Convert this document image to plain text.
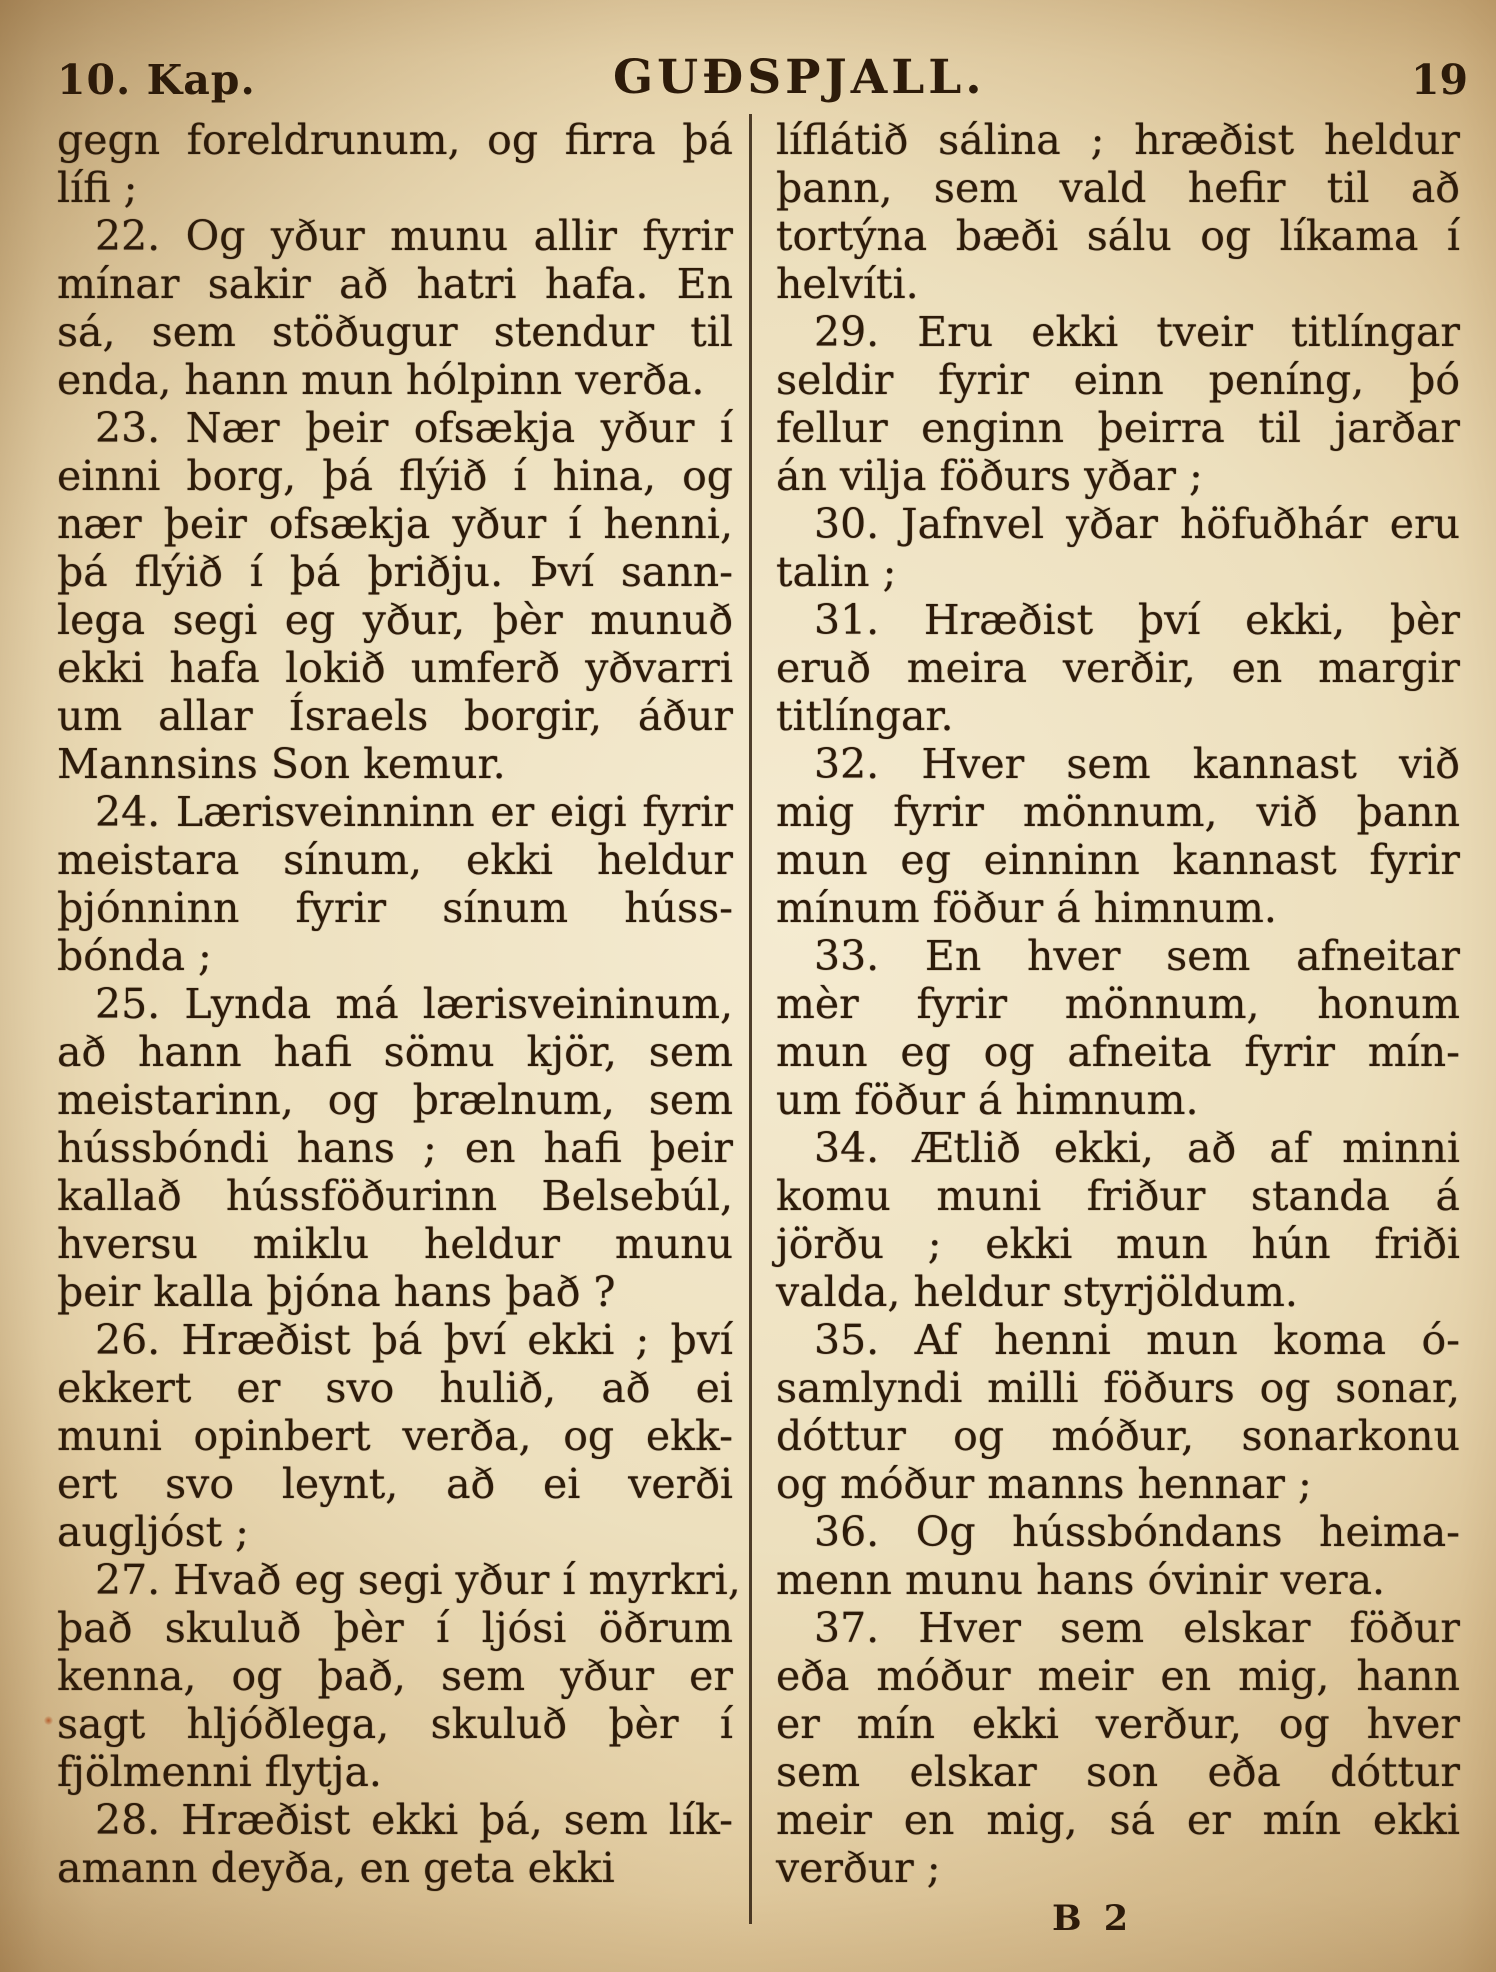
10. Kap.	GUÐSPJALL.	19
gegn foreldrunum, og firra þá
lífi ;
22. Og yður munu allir fyrir
mínar sakir að hatri hafa. En
sá, sem stöðugur stendur til
enda, hann mun hólpinn verða.
23. Nær þeir ofsækja yður í
einni borg, þá flýið í hina, og
nær þeir ofsækja yður í henni,
þá flýið í þá þriðju. Því sann-
lega segi eg yður, þèr munuð
ekki hafa lokið umferð yðvarri
um allar Ísraels borgir, áður
Mannsins Son kemur.
24. Lærisveinninn er eigi fyrir
meistara sínum, ekki heldur
þjónninn fyrir sínum húss-
bónda ;
25. Lynda má lærisveininum,
að hann hafi sömu kjör, sem
meistarinn, og þrælnum, sem
hússbóndi hans ; en hafi þeir
kallað hússföðurinn Belsebúl,
hversu miklu heldur munu
þeir kalla þjóna hans það ?
26. Hræðist þá því ekki ; því
ekkert er svo hulið, að ei
muni opinbert verða, og ekk-
ert svo leynt, að ei verði
augljóst ;
27. Hvað eg segi yður í myrkri,
það skuluð þèr í ljósi öðrum
kenna, og það, sem yður er
sagt hljóðlega, skuluð þèr í
fjölmenni flytja.
28. Hræðist ekki þá, sem lík-
amann deyða, en geta ekki
líflátið sálina ; hræðist heldur
þann, sem vald hefir til að
tortýna bæði sálu og líkama í
helvíti.
29. Eru ekki tveir titlíngar
seldir fyrir einn peníng, þó
fellur enginn þeirra til jarðar
án vilja föðurs yðar ;
30. Jafnvel yðar höfuðhár eru
talin ;
31. Hræðist því ekki, þèr
eruð meira verðir, en margir
titlíngar.
32. Hver sem kannast við
mig fyrir mönnum, við þann
mun eg einninn kannast fyrir
mínum föður á himnum.
33. En hver sem afneitar
mèr fyrir mönnum, honum
mun eg og afneita fyrir mín-
um föður á himnum.
34. Ætlið ekki, að af minni
komu muni friður standa á
jörðu ; ekki mun hún friði
valda, heldur styrjöldum.
35. Af henni mun koma ó-
samlyndi milli föðurs og sonar,
dóttur og móður, sonarkonu
og móður manns hennar ;
36. Og hússbóndans heima-
menn munu hans óvinir vera.
37. Hver sem elskar föður
eða móður meir en mig, hann
er mín ekki verður, og hver
sem elskar son eða dóttur
meir en mig, sá er mín ekki
verður ;
B 2
